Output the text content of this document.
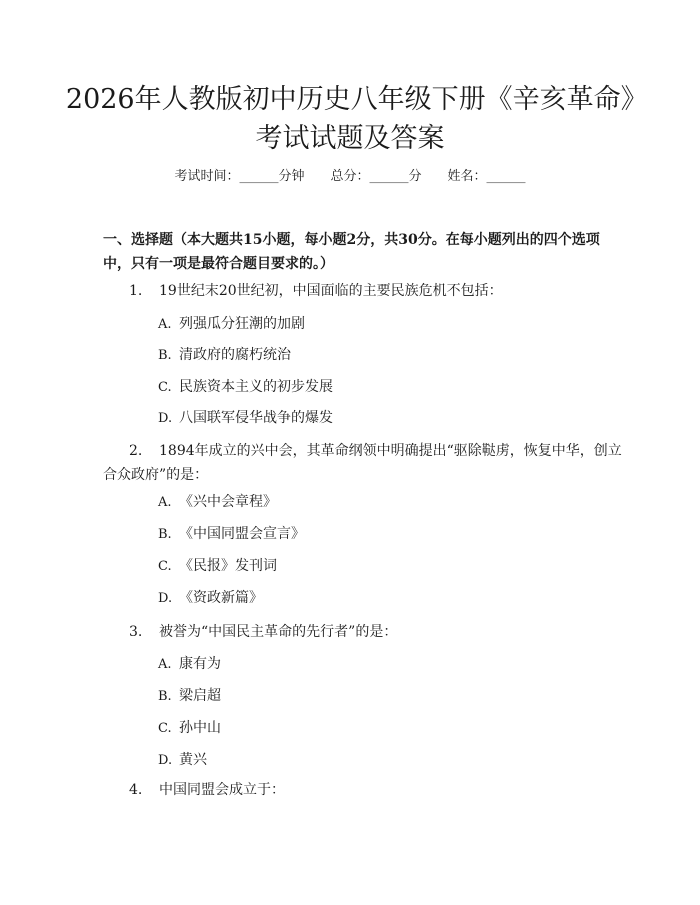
2026年人教版初中历史八年级下册《辛亥革命》考试试题及答案
考试时间：______分钟 总分：______分 姓名：______
一、选择题（本大题共15小题，每小题2分，共30分。在每小题列出的四个选项中，只有一项是最符合题目要求的。）
1. 19世纪末20世纪初，中国面临的主要民族危机不包括：
A. 列强瓜分狂潮的加剧
B. 清政府的腐朽统治
C. 民族资本主义的初步发展
D. 八国联军侵华战争的爆发
2. 1894年成立的兴中会，其革命纲领中明确提出“驱除鞑虏，恢复中华，创立合众政府”的是：
A. 《兴中会章程》
B. 《中国同盟会宣言》
C. 《民报》发刊词
D. 《资政新篇》
3. 被誉为“中国民主革命的先行者”的是：
A. 康有为
B. 梁启超
C. 孙中山
D. 黄兴
4. 中国同盟会成立于：
